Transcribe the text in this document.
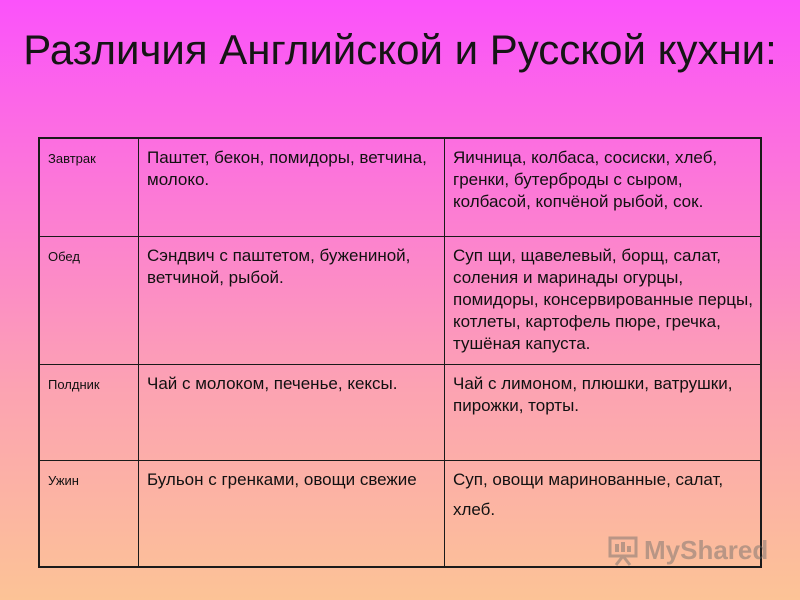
Различия Английской и Русской кухни:
Завтрак	Паштет, бекон, помидоры, ветчина, молоко.	Яичница, колбаса, сосиски, хлеб, гренки, бутерброды с сыром, колбасой, копчёной рыбой, сок.
Обед	Сэндвич с паштетом, бужениной, ветчиной, рыбой.	Суп щи, щавелевый, борщ, салат, соления и маринады огурцы, помидоры, консервированные перцы, котлеты, картофель пюре, гречка, тушёная капуста.
Полдник	Чай с молоком, печенье, кексы.	Чай с лимоном, плюшки, ватрушки, пирожки, торты.
Ужин	Бульон с гренками, овощи свежие	Суп, овощи маринованные, салат,
хлеб.
MyShared
